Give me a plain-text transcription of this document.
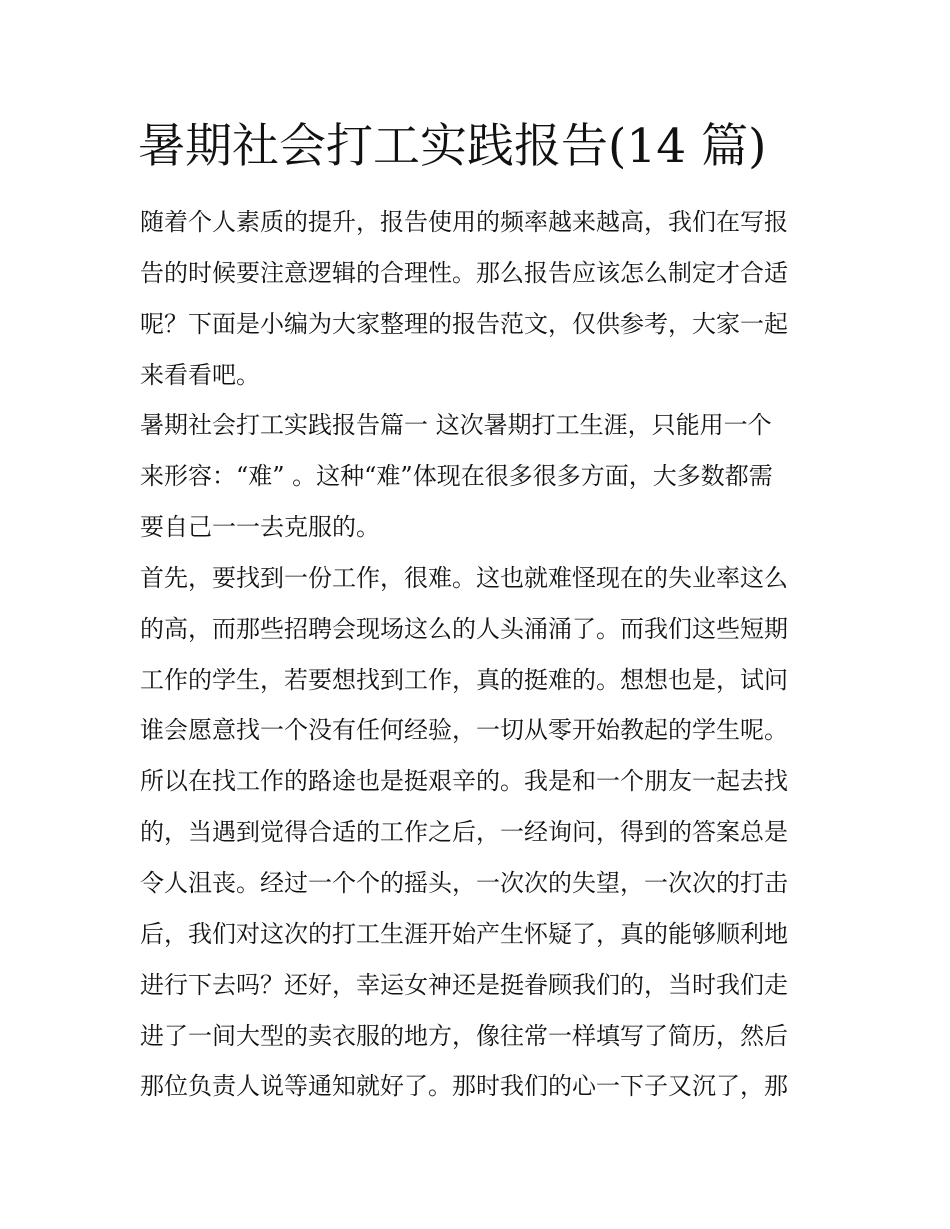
暑期社会打工实践报告(14 篇)
随着个人素质的提升，报告使用的频率越来越高，我们在写报
告的时候要注意逻辑的合理性。那么报告应该怎么制定才合适
呢？下面是小编为大家整理的报告范文，仅供参考，大家一起
来看看吧。
暑期社会打工实践报告篇一 这次暑期打工生涯，只能用一个
来形容：“难” 。这种“难”体现在很多很多方面，大多数都需
要自己一一去克服的。
首先，要找到一份工作，很难。这也就难怪现在的失业率这么
的高，而那些招聘会现场这么的人头涌涌了。而我们这些短期
工作的学生，若要想找到工作，真的挺难的。想想也是，试问
谁会愿意找一个没有任何经验，一切从零开始教起的学生呢。
所以在找工作的路途也是挺艰辛的。我是和一个朋友一起去找
的，当遇到觉得合适的工作之后，一经询问，得到的答案总是
令人沮丧。经过一个个的摇头，一次次的失望，一次次的打击
后，我们对这次的打工生涯开始产生怀疑了，真的能够顺利地
进行下去吗？还好，幸运女神还是挺眷顾我们的，当时我们走
进了一间大型的卖衣服的地方，像往常一样填写了简历，然后
那位负责人说等通知就好了。那时我们的心一下子又沉了，那
